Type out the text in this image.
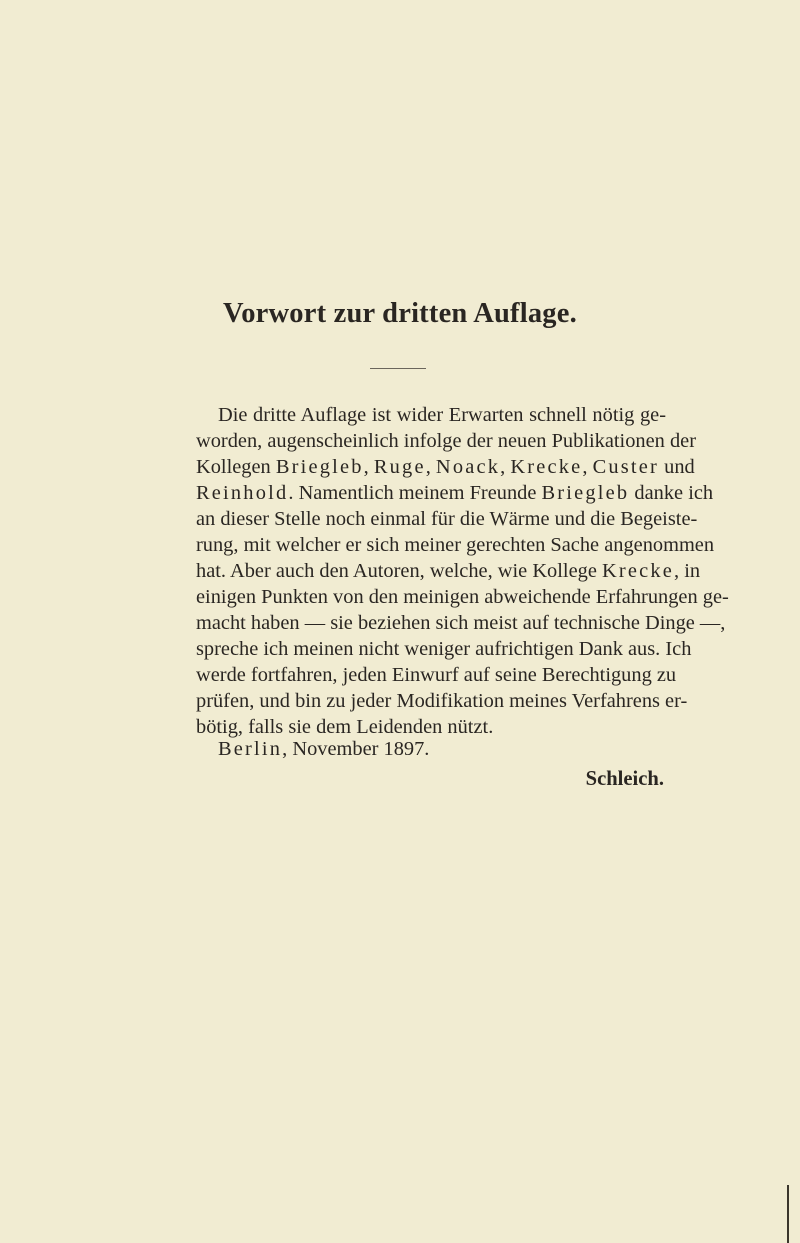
Vorwort zur dritten Auflage.
Die dritte Auflage ist wider Erwarten schnell nötig ge-
worden, augenscheinlich infolge der neuen Publikationen der
Kollegen Briegleb, Ruge, Noack, Krecke, Custer und
Reinhold. Namentlich meinem Freunde Briegleb danke ich
an dieser Stelle noch einmal für die Wärme und die Begeiste-
rung, mit welcher er sich meiner gerechten Sache angenommen
hat. Aber auch den Autoren, welche, wie Kollege Krecke, in
einigen Punkten von den meinigen abweichende Erfahrungen ge-
macht haben — sie beziehen sich meist auf technische Dinge —,
spreche ich meinen nicht weniger aufrichtigen Dank aus. Ich
werde fortfahren, jeden Einwurf auf seine Berechtigung zu
prüfen, und bin zu jeder Modifikation meines Verfahrens er-
bötig, falls sie dem Leidenden nützt.
Berlin, November 1897.
Schleich.
